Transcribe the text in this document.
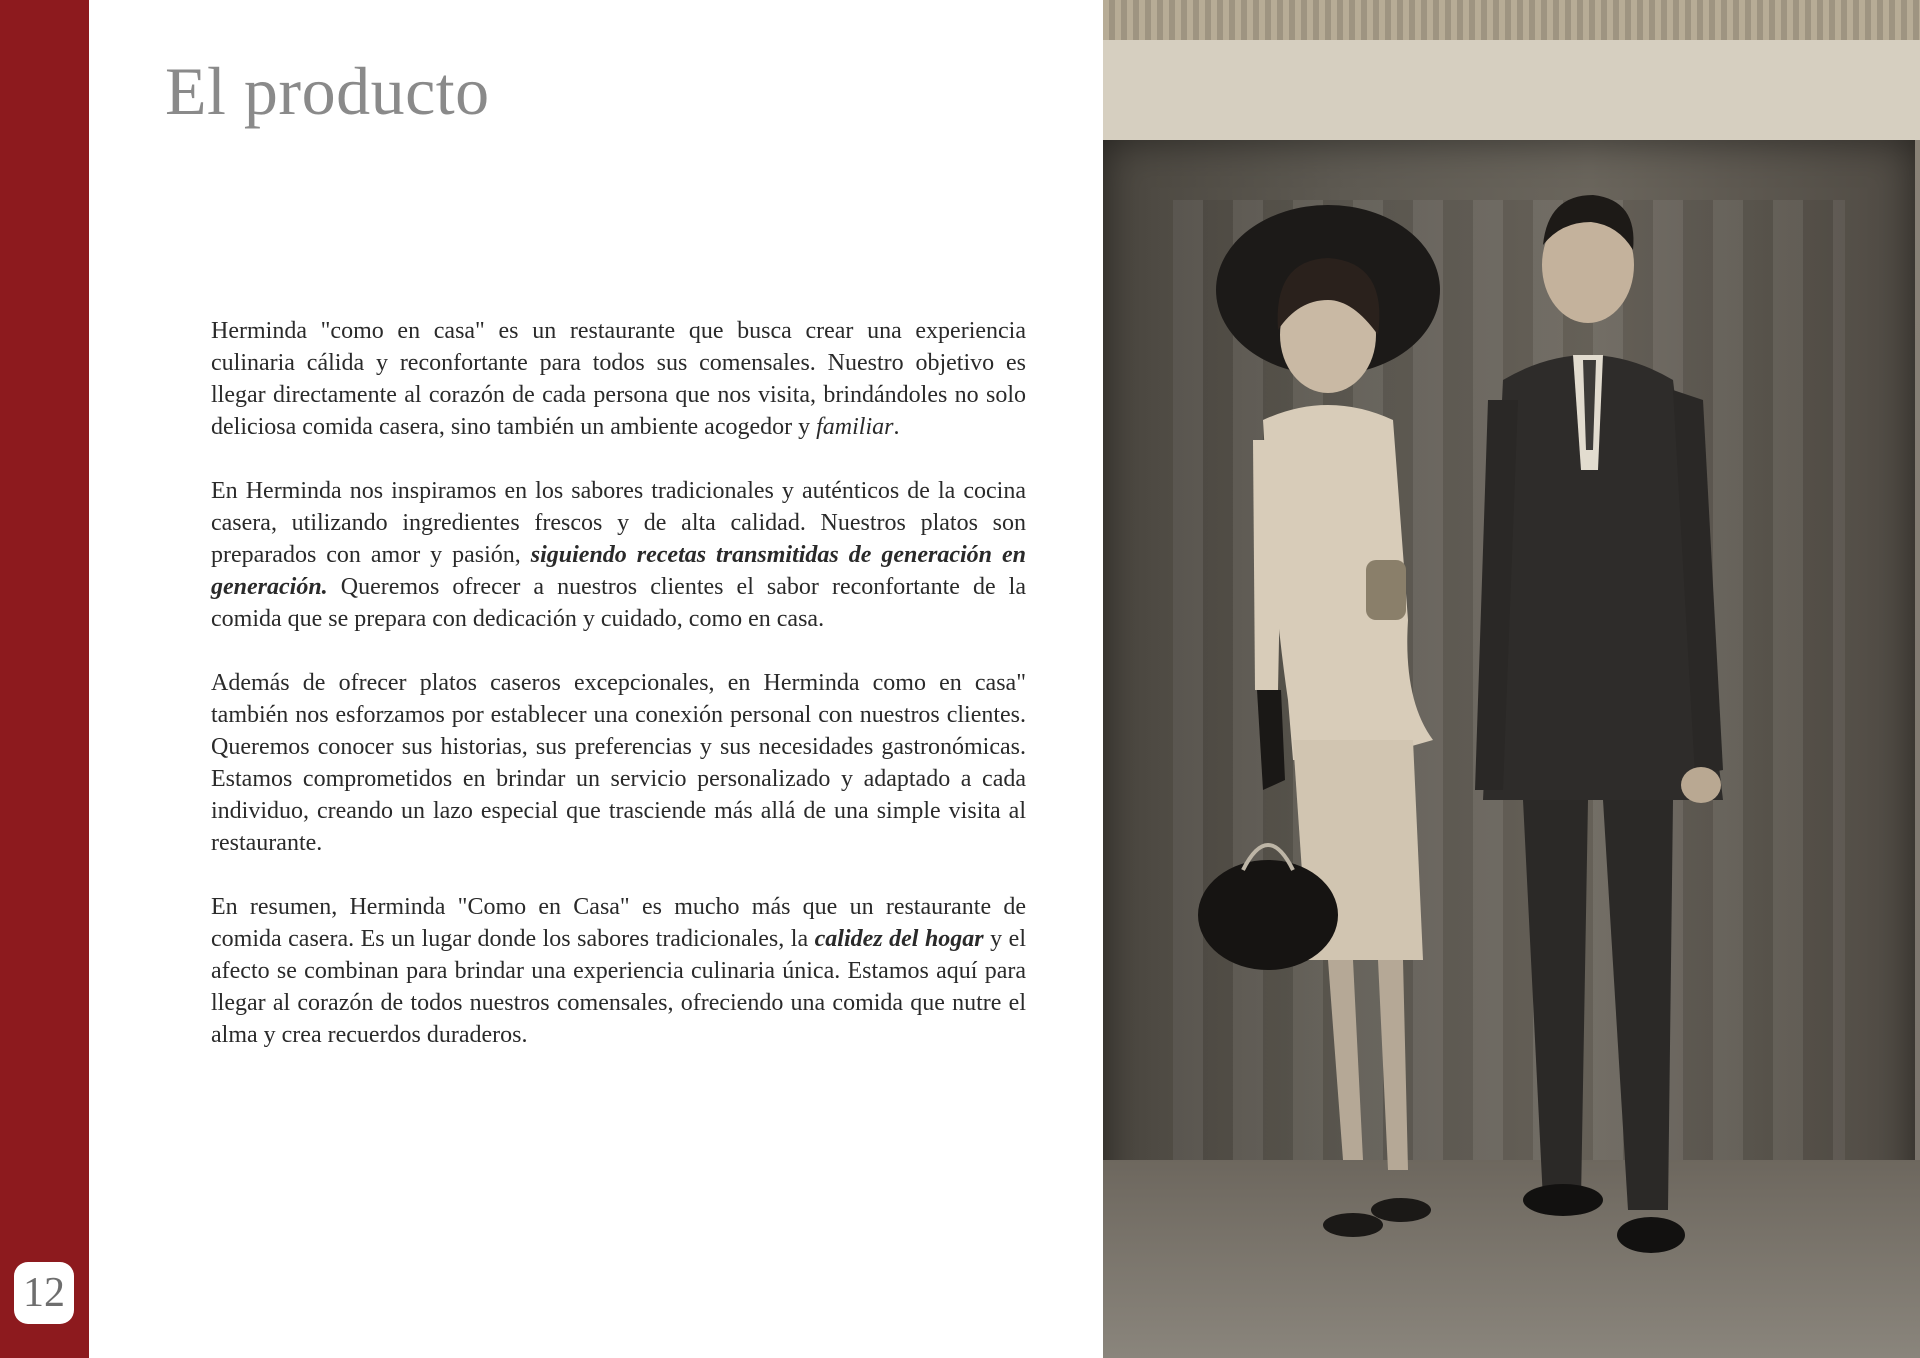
12
El producto

Herminda "como en casa" es un restaurante que busca crear una experiencia culinaria cálida y reconfortante para todos sus comensales. Nuestro objetivo es llegar directamente al corazón de cada persona que nos visita, brindándoles no solo deliciosa comida casera, sino también un ambiente acogedor y familiar.

En Herminda nos inspiramos en los sabores tradicionales y auténticos de la cocina casera, utilizando ingredientes frescos y de alta calidad. Nuestros platos son preparados con amor y pasión, siguiendo recetas transmitidas de generación en generación. Queremos ofrecer a nuestros clientes el sabor reconfortante de la comida que se prepara con dedicación y cuidado, como en casa.

Además de ofrecer platos caseros excepcionales, en Herminda como en casa" también nos esforzamos por establecer una conexión personal con nuestros clientes. Queremos conocer sus historias, sus preferencias y sus necesidades gastronómicas. Estamos comprometidos en brindar un servicio personalizado y adaptado a cada individuo, creando un lazo especial que trasciende más allá de una simple visita al restaurante.

En resumen, Herminda "Como en Casa" es mucho más que un restaurante de comida casera. Es un lugar donde los sabores tradicionales, la calidez del hogar y el afecto se combinan para brindar una experiencia culinaria única. Estamos aquí para llegar al corazón de todos nuestros comensales, ofreciendo una comida que nutre el alma y crea recuerdos duraderos.
